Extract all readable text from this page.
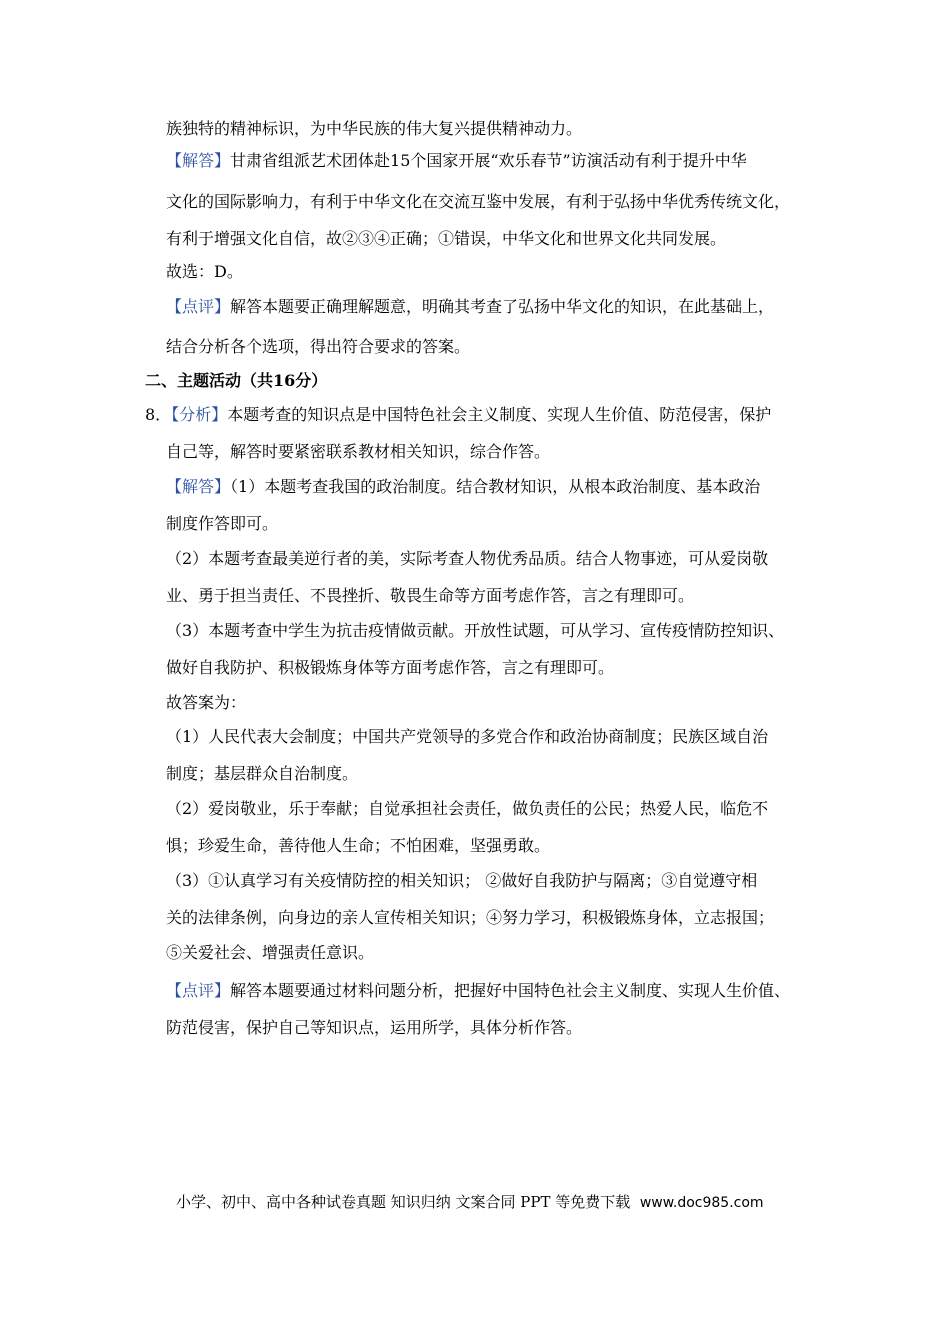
族独特的精神标识，为中华民族的伟大复兴提供精神动力。
【解答】甘肃省组派艺术团体赴15个国家开展“欢乐春节”访演活动有利于提升中华
文化的国际影响力，有利于中华文化在交流互鉴中发展，有利于弘扬中华优秀传统文化，
有利于增强文化自信，故②③④正确；①错误，中华文化和世界文化共同发展。
故选：D。
【点评】解答本题要正确理解题意，明确其考查了弘扬中华文化的知识，在此基础上，
结合分析各个选项，得出符合要求的答案。
二、主题活动（共16分）
8．【分析】本题考查的知识点是中国特色社会主义制度、实现人生价值、防范侵害，保护
自己等，解答时要紧密联系教材相关知识，综合作答。
【解答】（1）本题考查我国的政治制度。结合教材知识，从根本政治制度、基本政治
制度作答即可。
（2）本题考查最美逆行者的美，实际考查人物优秀品质。结合人物事迹，可从爱岗敬
业、勇于担当责任、不畏挫折、敬畏生命等方面考虑作答，言之有理即可。
（3）本题考查中学生为抗击疫情做贡献。开放性试题，可从学习、宣传疫情防控知识、
做好自我防护、积极锻炼身体等方面考虑作答，言之有理即可。
故答案为：
（1）人民代表大会制度；中国共产党领导的多党合作和政治协商制度；民族区域自治
制度；基层群众自治制度。
（2）爱岗敬业，乐于奉献；自觉承担社会责任，做负责任的公民；热爱人民，临危不
惧；珍爱生命，善待他人生命；不怕困难，坚强勇敢。
（3）①认真学习有关疫情防控的相关知识； ②做好自我防护与隔离；③自觉遵守相
关的法律条例，向身边的亲人宣传相关知识；④努力学习，积极锻炼身体，立志报国；
⑤关爱社会、增强责任意识。
【点评】解答本题要通过材料问题分析，把握好中国特色社会主义制度、实现人生价值、
防范侵害，保护自己等知识点，运用所学，具体分析作答。
小学、初中、高中各种试卷真题 知识归纳 文案合同 PPT 等免费下载 www.doc985.com
